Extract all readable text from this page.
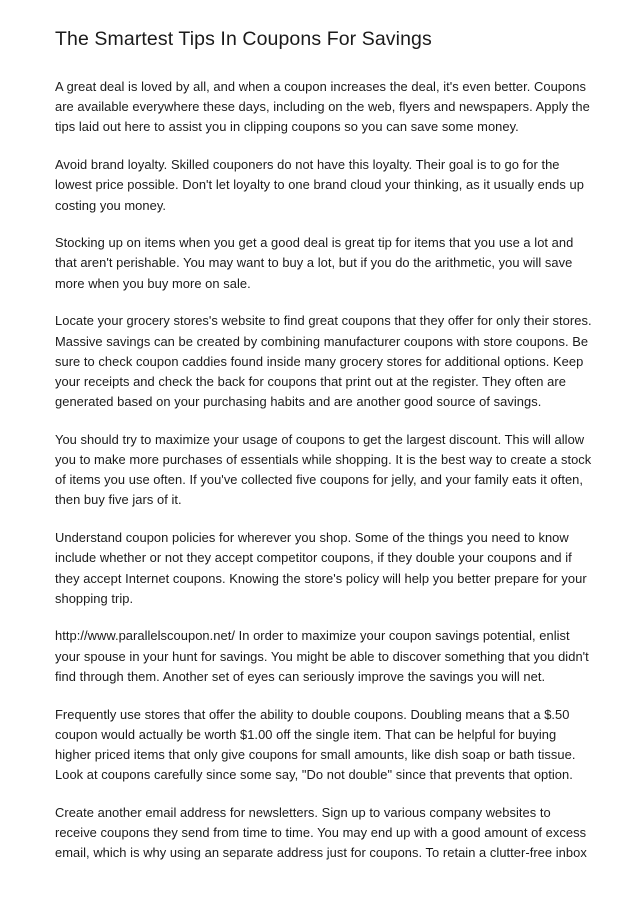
The Smartest Tips In Coupons For Savings

A great deal is loved by all, and when a coupon increases the deal, it's even better. Coupons are available everywhere these days, including on the web, flyers and newspapers. Apply the tips laid out here to assist you in clipping coupons so you can save some money.

Avoid brand loyalty. Skilled couponers do not have this loyalty. Their goal is to go for the lowest price possible. Don't let loyalty to one brand cloud your thinking, as it usually ends up costing you money.

Stocking up on items when you get a good deal is great tip for items that you use a lot and that aren't perishable. You may want to buy a lot, but if you do the arithmetic, you will save more when you buy more on sale.

Locate your grocery stores's website to find great coupons that they offer for only their stores. Massive savings can be created by combining manufacturer coupons with store coupons. Be sure to check coupon caddies found inside many grocery stores for additional options. Keep your receipts and check the back for coupons that print out at the register. They often are generated based on your purchasing habits and are another good source of savings.

You should try to maximize your usage of coupons to get the largest discount. This will allow you to make more purchases of essentials while shopping. It is the best way to create a stock of items you use often. If you've collected five coupons for jelly, and your family eats it often, then buy five jars of it.

Understand coupon policies for wherever you shop. Some of the things you need to know include whether or not they accept competitor coupons, if they double your coupons and if they accept Internet coupons. Knowing the store's policy will help you better prepare for your shopping trip.

http://www.parallelscoupon.net/ In order to maximize your coupon savings potential, enlist your spouse in your hunt for savings. You might be able to discover something that you didn't find through them. Another set of eyes can seriously improve the savings you will net.

Frequently use stores that offer the ability to double coupons. Doubling means that a $.50 coupon would actually be worth $1.00 off the single item. That can be helpful for buying higher priced items that only give coupons for small amounts, like dish soap or bath tissue. Look at coupons carefully since some say, "Do not double" since that prevents that option.

Create another email address for newsletters. Sign up to various company websites to receive coupons they send from time to time. You may end up with a good amount of excess email, which is why using an separate address just for coupons. To retain a clutter-free inbox
